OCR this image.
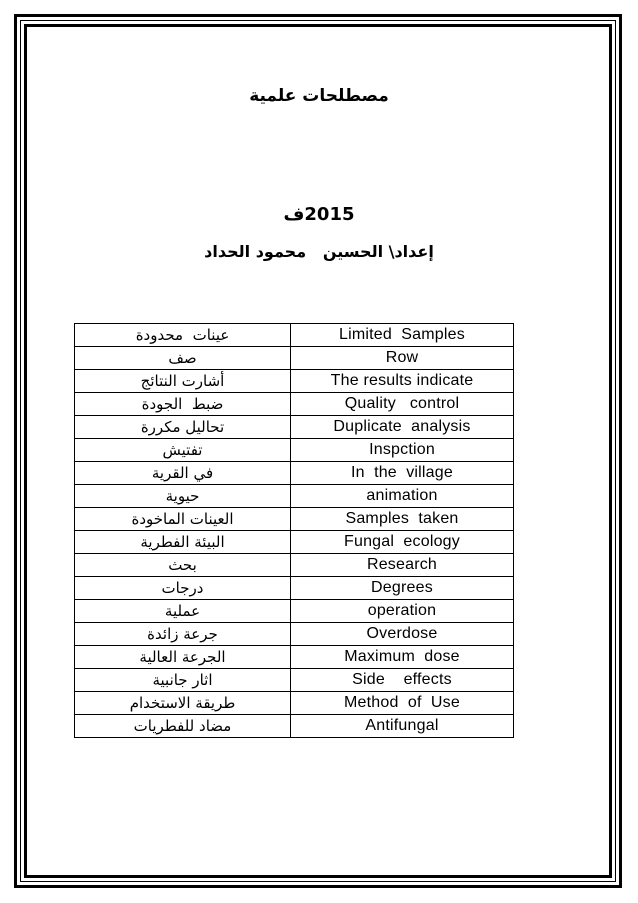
مصطلحات علمية
2015ف
إعداد\ الحسين   محمود الحداد
عينات  محدودة	Limited  Samples
صف	Row
أشارت النتائج	The results indicate
ضبط  الجودة	Quality   control
تحاليل مكررة	Duplicate  analysis
تفتيش	Inspction
في القرية	In  the  village
حيوية	animation
العينات الماخودة	Samples  taken
البيئة الفطرية	Fungal  ecology
بحث	Research
درجات	Degrees
عملية	operation
جرعة زائدة	Overdose
الجرعة العالية	Maximum  dose
اثار جانبية	Side    effects
طريقة الاستخدام	Method  of  Use
مضاد للفطريات	Antifungal
